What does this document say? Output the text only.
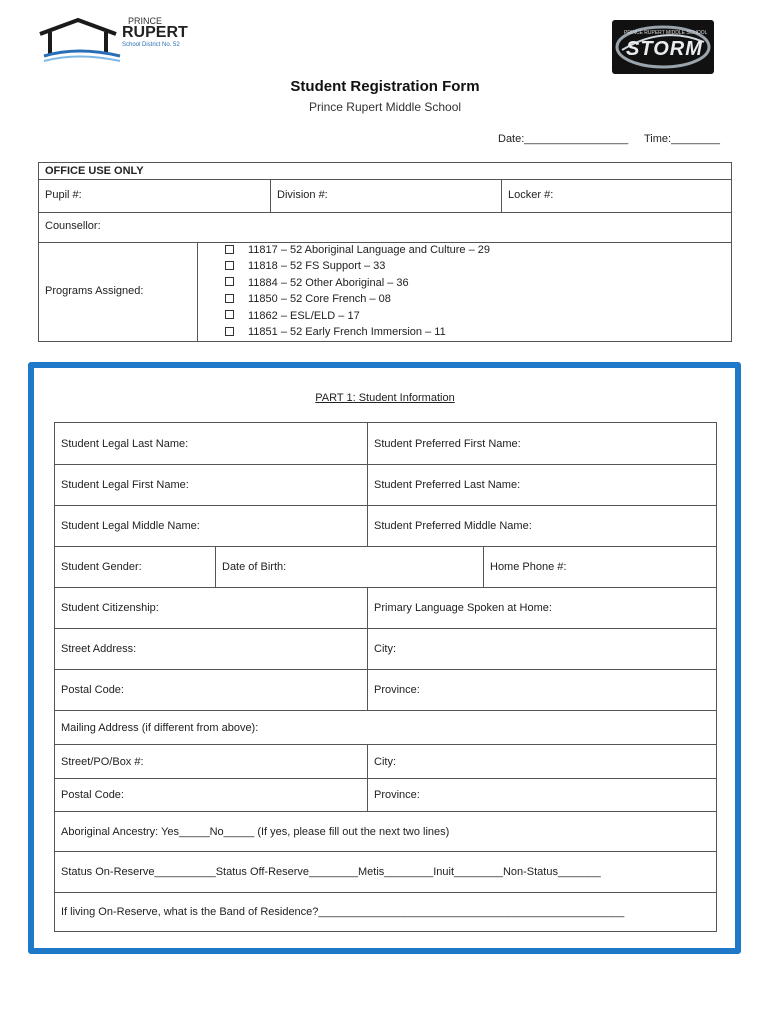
PRINCE
RUPERT
School District No. 52
PRINCE RUPERT MIDDLE SCHOOL
STORM
Student Registration Form
Prince Rupert Middle School
Date:_________________ Time:________
OFFICE USE ONLY
Pupil #:	Division #:	Locker #:
Counsellor:
Programs Assigned:
11817 – 52 Aboriginal Language and Culture – 29
11818 – 52 FS Support – 33
11884 – 52 Other Aboriginal – 36
11850 – 52 Core French – 08
11862 – ESL/ELD – 17
11851 – 52 Early French Immersion – 11
PART 1: Student Information
Student Legal Last Name:	Student Preferred First Name:
Student Legal First Name:	Student Preferred Last Name:
Student Legal Middle Name:	Student Preferred Middle Name:
Student Gender:	Date of Birth:	Home Phone #:
Student Citizenship:	Primary Language Spoken at Home:
Street Address:	City:
Postal Code:	Province:
Mailing Address (if different from above):
Street/PO/Box #:	City:
Postal Code:	Province:
Aboriginal Ancestry: Yes_____No_____ (If yes, please fill out the next two lines)
Status On-Reserve__________Status Off-Reserve________Metis________Inuit________Non-Status_______
If living On-Reserve, what is the Band of Residence?__________________________________________________
